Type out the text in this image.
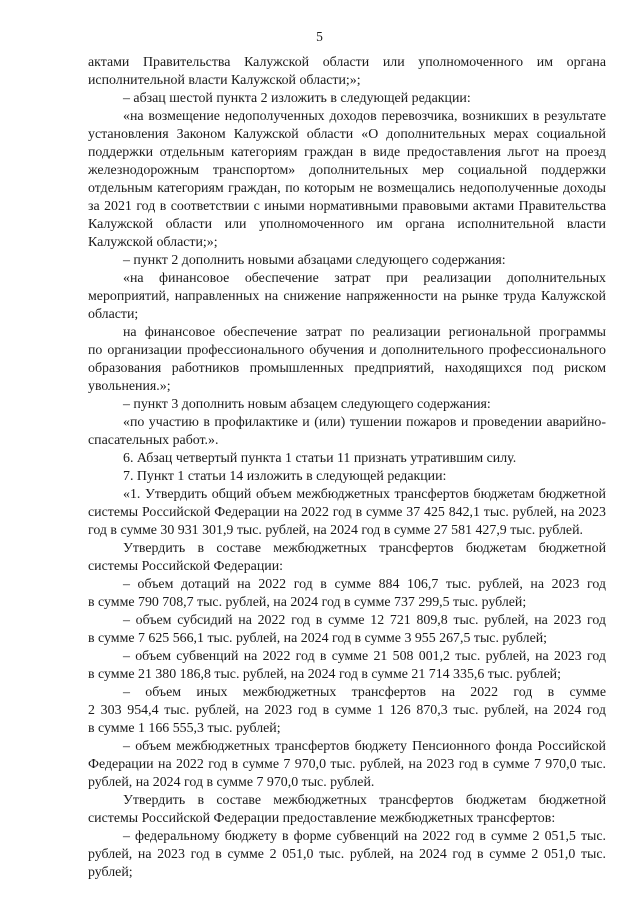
5
актами Правительства Калужской области или уполномоченного им органа
исполнительной власти Калужской области;»;
– абзац шестой пункта 2 изложить в следующей редакции:
«на возмещение недополученных доходов перевозчика, возникших в результате
установления Законом Калужской области «О дополнительных мерах социальной
поддержки отдельным категориям граждан в виде предоставления льгот на проезд
железнодорожным транспортом» дополнительных мер социальной поддержки
отдельным категориям граждан, по которым не возмещались недополученные доходы
за 2021 год в соответствии с иными нормативными правовыми актами Правительства
Калужской области или уполномоченного им органа исполнительной власти
Калужской области;»;
– пункт 2 дополнить новыми абзацами следующего содержания:
«на финансовое обеспечение затрат при реализации дополнительных
мероприятий, направленных на снижение напряженности на рынке труда Калужской
области;
на финансовое обеспечение затрат по реализации региональной программы
по организации профессионального обучения и дополнительного профессионального
образования работников промышленных предприятий, находящихся под риском
увольнения.»;
– пункт 3 дополнить новым абзацем следующего содержания:
«по участию в профилактике и (или) тушении пожаров и проведении аварийно-
спасательных работ.».
6. Абзац четвертый пункта 1 статьи 11 признать утратившим силу.
7. Пункт 1 статьи 14 изложить в следующей редакции:
«1. Утвердить общий объем межбюджетных трансфертов бюджетам бюджетной
системы Российской Федерации на 2022 год в сумме 37 425 842,1 тыс. рублей, на 2023
год в сумме 30 931 301,9 тыс. рублей, на 2024 год в сумме 27 581 427,9 тыс. рублей.
Утвердить в составе межбюджетных трансфертов бюджетам бюджетной
системы Российской Федерации:
– объем дотаций на 2022 год в сумме 884 106,7 тыс. рублей, на 2023 год
в сумме 790 708,7 тыс. рублей, на 2024 год в сумме 737 299,5 тыс. рублей;
– объем субсидий на 2022 год в сумме 12 721 809,8 тыс. рублей, на 2023 год
в сумме 7 625 566,1 тыс. рублей, на 2024 год в сумме 3 955 267,5 тыс. рублей;
– объем субвенций на 2022 год в сумме 21 508 001,2 тыс. рублей, на 2023 год
в сумме 21 380 186,8 тыс. рублей, на 2024 год в сумме 21 714 335,6 тыс. рублей;
– объем иных межбюджетных трансфертов на 2022 год в сумме
2 303 954,4 тыс. рублей, на 2023 год в сумме 1 126 870,3 тыс. рублей, на 2024 год
в сумме 1 166 555,3 тыс. рублей;
– объем межбюджетных трансфертов бюджету Пенсионного фонда Российской
Федерации на 2022 год в сумме 7 970,0 тыс. рублей, на 2023 год в сумме 7 970,0 тыс.
рублей, на 2024 год в сумме 7 970,0 тыс. рублей.
Утвердить в составе межбюджетных трансфертов бюджетам бюджетной
системы Российской Федерации предоставление межбюджетных трансфертов:
– федеральному бюджету в форме субвенций на 2022 год в сумме 2 051,5 тыс.
рублей, на 2023 год в сумме 2 051,0 тыс. рублей, на 2024 год в сумме 2 051,0 тыс.
рублей;
